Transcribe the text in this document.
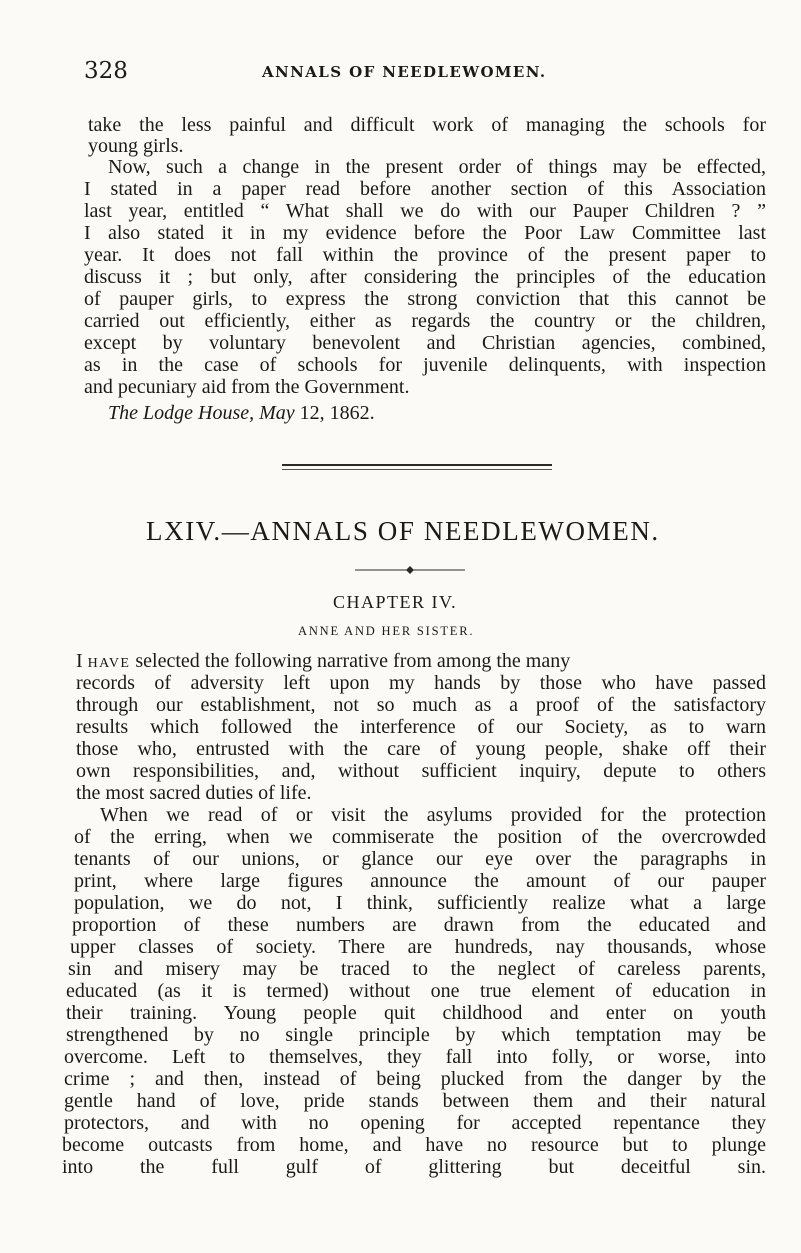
328	ANNALS OF NEEDLEWOMEN.
take the less painful and difficult work of managing the schools for
young girls.
Now, such a change in the present order of things may be effected,
I stated in a paper read before another section of this Association
last year, entitled “ What shall we do with our Pauper Children ? ”
I also stated it in my evidence before the Poor Law Committee last
year. It does not fall within the province of the present paper to
discuss it ; but only, after considering the principles of the education
of pauper girls, to express the strong conviction that this cannot be
carried out efficiently, either as regards the country or the children,
except by voluntary benevolent and Christian agencies, combined,
as in the case of schools for juvenile delinquents, with inspection
and pecuniary aid from the Government.
The Lodge House, May 12, 1862.
LXIV.—ANNALS OF NEEDLEWOMEN.
CHAPTER IV.
ANNE AND HER SISTER.
I HAVE selected the following narrative from among the many
records of adversity left upon my hands by those who have passed
through our establishment, not so much as a proof of the satisfactory
results which followed the interference of our Society, as to warn
those who, entrusted with the care of young people, shake off their
own responsibilities, and, without sufficient inquiry, depute to others
the most sacred duties of life.
When we read of or visit the asylums provided for the protection
of the erring, when we commiserate the position of the overcrowded
tenants of our unions, or glance our eye over the paragraphs in
print, where large figures announce the amount of our pauper
population, we do not, I think, sufficiently realize what a large
proportion of these numbers are drawn from the educated and
upper classes of society. There are hundreds, nay thousands, whose
sin and misery may be traced to the neglect of careless parents,
educated (as it is termed) without one true element of education in
their training. Young people quit childhood and enter on youth
strengthened by no single principle by which temptation may be
overcome. Left to themselves, they fall into folly, or worse, into
crime ; and then, instead of being plucked from the danger by the
gentle hand of love, pride stands between them and their natural
protectors, and with no opening for accepted repentance they
become outcasts from home, and have no resource but to plunge
into the full gulf of glittering but deceitful sin.
